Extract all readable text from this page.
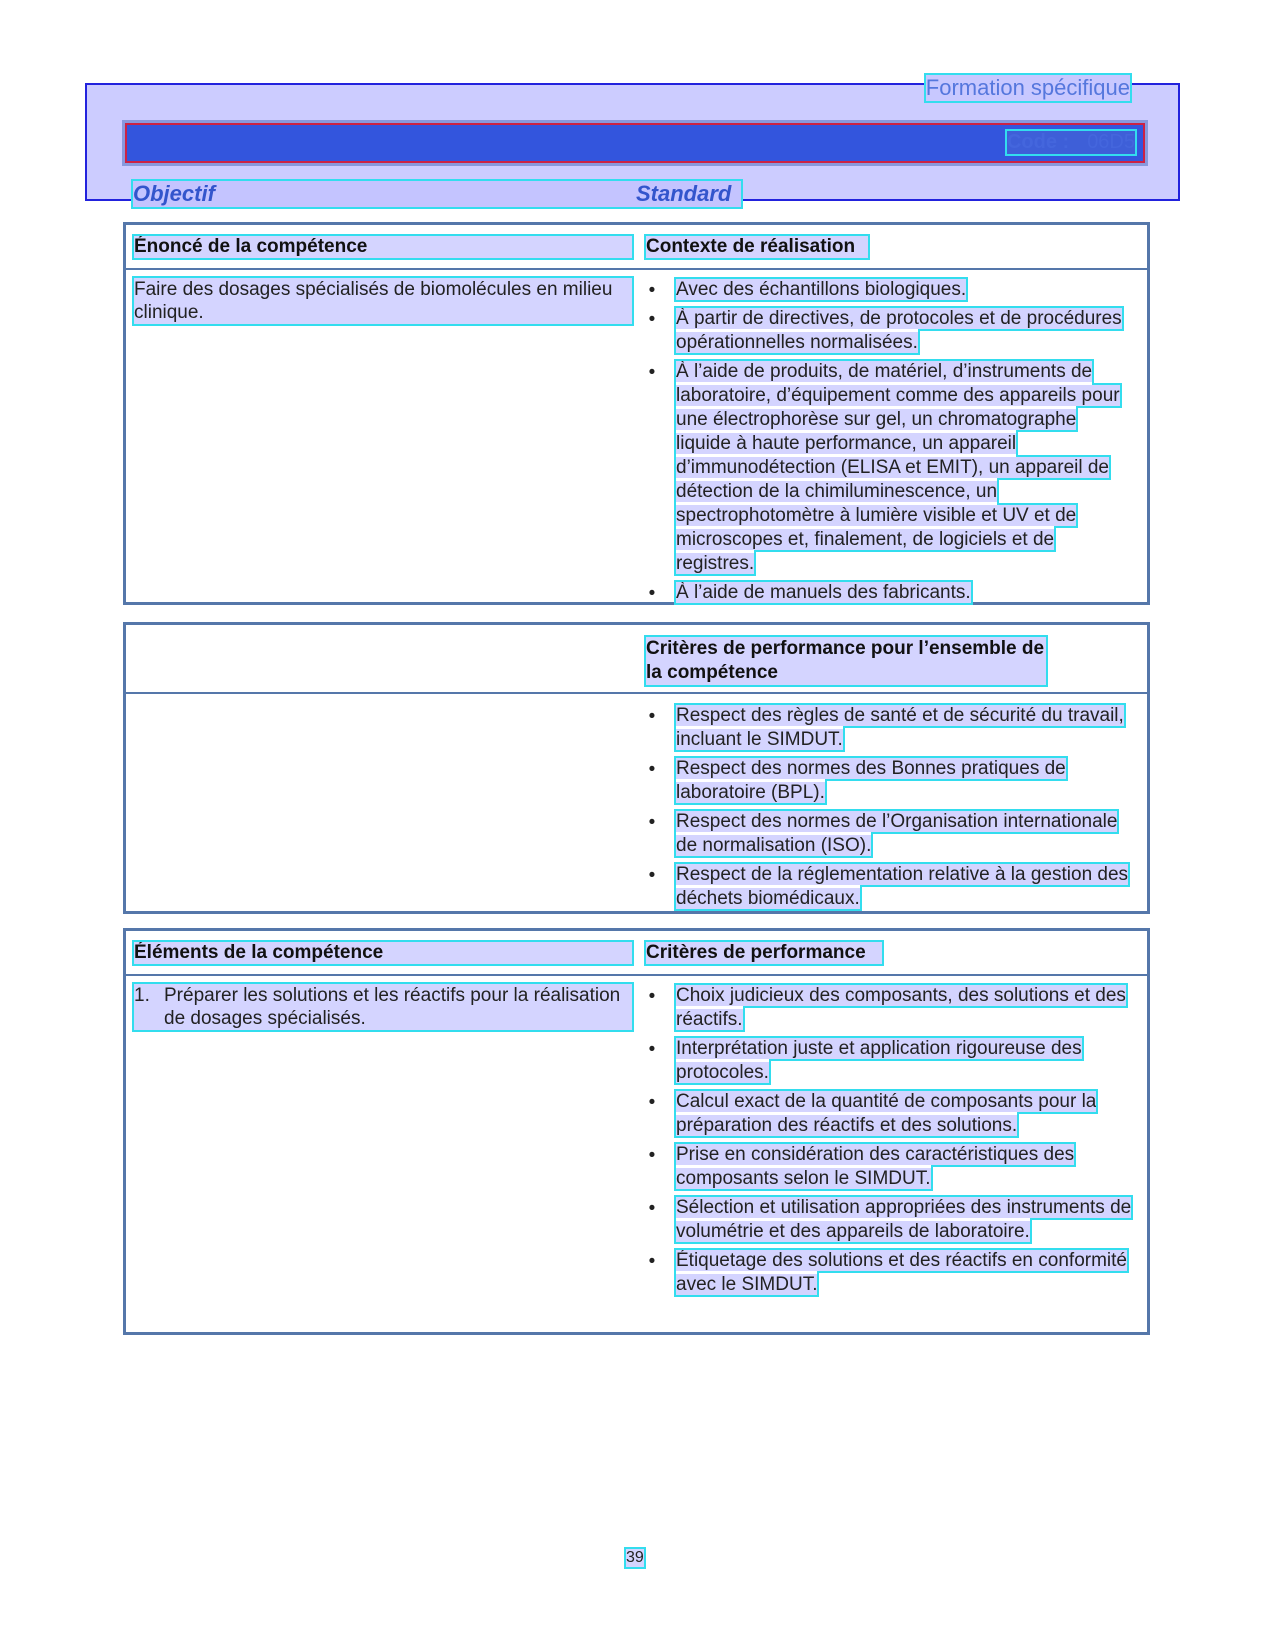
Formation spécifique
Code : 06D5
Objectif	Standard
Énoncé de la compétence	Contexte de réalisation
Faire des dosages spécialisés de biomolécules en milieu clinique.
• Avec des échantillons biologiques.
• À partir de directives, de protocoles et de procédures opérationnelles normalisées.
• À l’aide de produits, de matériel, d’instruments de laboratoire, d’équipement comme des appareils pour une électrophorèse sur gel, un chromatographe liquide à haute performance, un appareil d’immunodétection (ELISA et EMIT), un appareil de détection de la chimiluminescence, un spectrophotomètre à lumière visible et UV et de microscopes et, finalement, de logiciels et de registres.
• À l’aide de manuels des fabricants.
Critères de performance pour l’ensemble de la compétence
• Respect des règles de santé et de sécurité du travail, incluant le SIMDUT.
• Respect des normes des Bonnes pratiques de laboratoire (BPL).
• Respect des normes de l’Organisation internationale de normalisation (ISO).
• Respect de la réglementation relative à la gestion des déchets biomédicaux.
Éléments de la compétence	Critères de performance
1. Préparer les solutions et les réactifs pour la réalisation de dosages spécialisés.
• Choix judicieux des composants, des solutions et des réactifs.
• Interprétation juste et application rigoureuse des protocoles.
• Calcul exact de la quantité de composants pour la préparation des réactifs et des solutions.
• Prise en considération des caractéristiques des composants selon le SIMDUT.
• Sélection et utilisation appropriées des instruments de volumétrie et des appareils de laboratoire.
• Étiquetage des solutions et des réactifs en conformité avec le SIMDUT.
39
